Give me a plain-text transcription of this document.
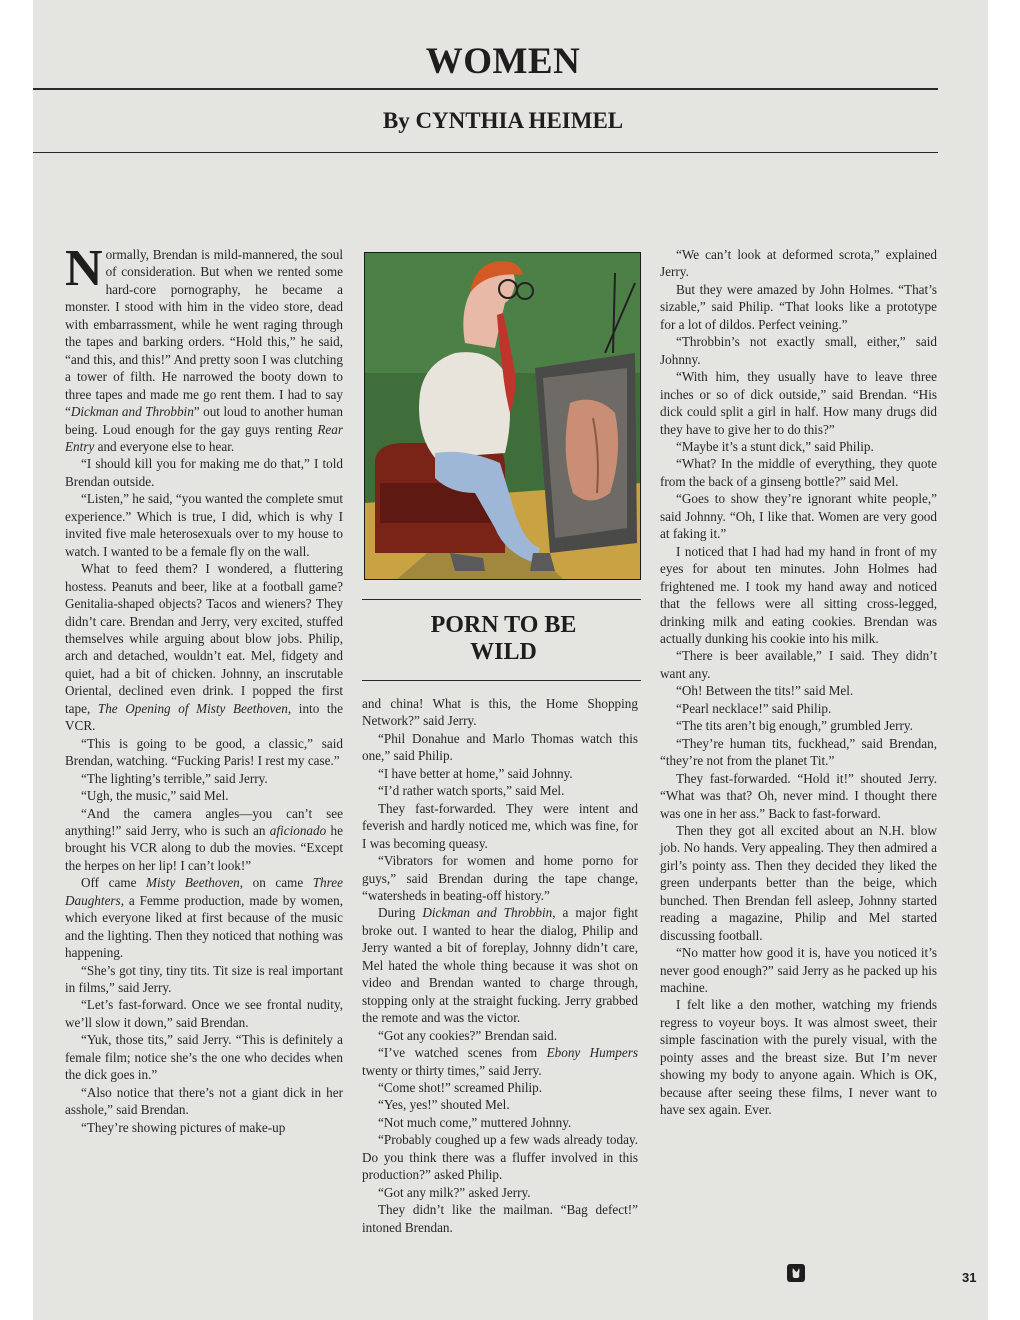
WOMEN
By CYNTHIA HEIMEL

Normally, Brendan is mild-mannered, the soul of consideration. But when we rented some hard-core pornography, he became a monster. I stood with him in the video store, dead with embarrassment, while he went raging through the tapes and barking orders. “Hold this,” he said, “and this, and this!” And pretty soon I was clutching a tower of filth. He narrowed the booty down to three tapes and made me go rent them. I had to say “Dickman and Throbbin” out loud to another human being. Loud enough for the gay guys renting Rear Entry and everyone else to hear.

“I should kill you for making me do that,” I told Brendan outside.

“Listen,” he said, “you wanted the complete smut experience.” Which is true, I did, which is why I invited five male heterosexuals over to my house to watch. I wanted to be a female fly on the wall.

What to feed them? I wondered, a fluttering hostess. Peanuts and beer, like at a football game? Genitalia-shaped objects? Tacos and wieners? They didn’t care. Brendan and Jerry, very excited, stuffed themselves while arguing about blow jobs. Philip, arch and detached, wouldn’t eat. Mel, fidgety and quiet, had a bit of chicken. Johnny, an inscrutable Oriental, declined even drink. I popped the first tape, The Opening of Misty Beethoven, into the VCR.

“This is going to be good, a classic,” said Brendan, watching. “Fucking Paris! I rest my case.”

“The lighting’s terrible,” said Jerry.

“Ugh, the music,” said Mel.

“And the camera angles—you can’t see anything!” said Jerry, who is such an aficionado he brought his VCR along to dub the movies. “Except the herpes on her lip! I can’t look!”

Off came Misty Beethoven, on came Three Daughters, a Femme production, made by women, which everyone liked at first because of the music and the lighting. Then they noticed that nothing was happening.

“She’s got tiny, tiny tits. Tit size is real important in films,” said Jerry.

“Let’s fast-forward. Once we see frontal nudity, we’ll slow it down,” said Brendan.

“Yuk, those tits,” said Jerry. “This is definitely a female film; notice she’s the one who decides when the dick goes in.”

“Also notice that there’s not a giant dick in her asshole,” said Brendan.

“They’re showing pictures of make-up

PORN TO BE
WILD

and china! What is this, the Home Shopping Network?” said Jerry.

“Phil Donahue and Marlo Thomas watch this one,” said Philip.

“I have better at home,” said Johnny.

“I’d rather watch sports,” said Mel.

They fast-forwarded. They were intent and feverish and hardly noticed me, which was fine, for I was becoming queasy.

“Vibrators for women and home porno for guys,” said Brendan during the tape change, “watersheds in beating-off history.”

During Dickman and Throbbin, a major fight broke out. I wanted to hear the dialog, Philip and Jerry wanted a bit of foreplay, Johnny didn’t care, Mel hated the whole thing because it was shot on video and Brendan wanted to charge through, stopping only at the straight fucking. Jerry grabbed the remote and was the victor.

“Got any cookies?” Brendan said.

“I’ve watched scenes from Ebony Humpers twenty or thirty times,” said Jerry.

“Come shot!” screamed Philip.

“Yes, yes!” shouted Mel.

“Not much come,” muttered Johnny.

“Probably coughed up a few wads already today. Do you think there was a fluffer involved in this production?” asked Philip.

“Got any milk?” asked Jerry.

They didn’t like the mailman. “Bag defect!” intoned Brendan.

“We can’t look at deformed scrota,” explained Jerry.

But they were amazed by John Holmes. “That’s sizable,” said Philip. “That looks like a prototype for a lot of dildos. Perfect veining.”

“Throbbin’s not exactly small, either,” said Johnny.

“With him, they usually have to leave three inches or so of dick outside,” said Brendan. “His dick could split a girl in half. How many drugs did they have to give her to do this?”

“Maybe it’s a stunt dick,” said Philip.

“What? In the middle of everything, they quote from the back of a ginseng bottle?” said Mel.

“Goes to show they’re ignorant white people,” said Johnny. “Oh, I like that. Women are very good at faking it.”

I noticed that I had had my hand in front of my eyes for about ten minutes. John Holmes had frightened me. I took my hand away and noticed that the fellows were all sitting cross-legged, drinking milk and eating cookies. Brendan was actually dunking his cookie into his milk.

“There is beer available,” I said. They didn’t want any.

“Oh! Between the tits!” said Mel.

“Pearl necklace!” said Philip.

“The tits aren’t big enough,” grumbled Jerry.

“They’re human tits, fuckhead,” said Brendan, “they’re not from the planet Tit.”

They fast-forwarded. “Hold it!” shouted Jerry. “What was that? Oh, never mind. I thought there was one in her ass.” Back to fast-forward.

Then they got all excited about an N.H. blow job. No hands. Very appealing. They then admired a girl’s pointy ass. Then they decided they liked the green underpants better than the beige, which bunched. Then Brendan fell asleep, Johnny started reading a magazine, Philip and Mel started discussing football.

“No matter how good it is, have you noticed it’s never good enough?” said Jerry as he packed up his machine.

I felt like a den mother, watching my friends regress to voyeur boys. It was almost sweet, their simple fascination with the purely visual, with the pointy asses and the breast size. But I’m never showing my body to anyone again. Which is OK, because after seeing these films, I never want to have sex again. Ever.

31
